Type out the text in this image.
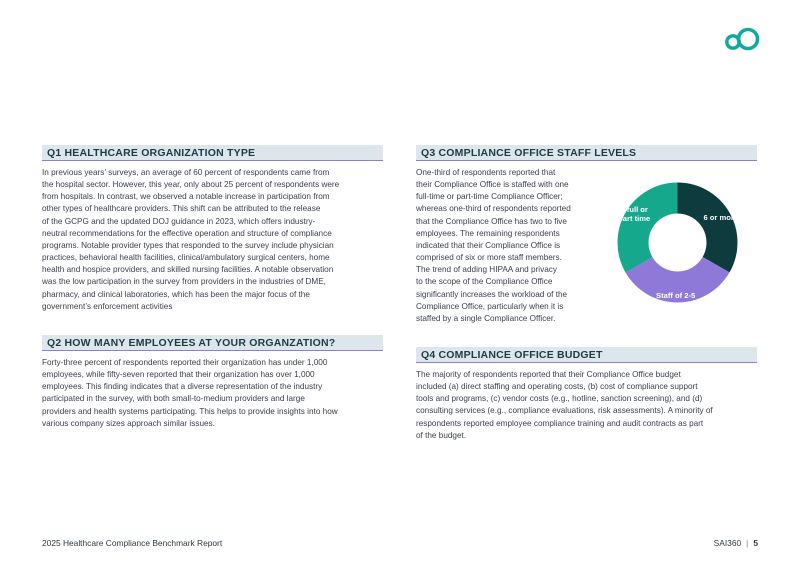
Q1 HEALTHCARE ORGANIZATION TYPE

In previous years’ surveys, an average of 60 percent of respondents came from
the hospital sector. However, this year, only about 25 percent of respondents were
from hospitals. In contrast, we observed a notable increase in participation from
other types of healthcare providers. This shift can be attributed to the release
of the GCPG and the updated DOJ guidance in 2023, which offers industry-
neutral recommendations for the effective operation and structure of compliance
programs. Notable provider types that responded to the survey include physician
practices, behavioral health facilities, clinical/ambulatory surgical centers, home
health and hospice providers, and skilled nursing facilities. A notable observation
was the low participation in the survey from providers in the industries of DME,
pharmacy, and clinical laboratories, which has been the major focus of the
government’s enforcement activities

Q2 HOW MANY EMPLOYEES AT YOUR ORGANZATION?

Forty-three percent of respondents reported their organization has under 1,000
employees, while fifty-seven reported that their organization has over 1,000
employees. This finding indicates that a diverse representation of the industry
participated in the survey, with both small-to-medium providers and large
providers and health systems participating. This helps to provide insights into how
various company sizes approach similar issues.

Q3 COMPLIANCE OFFICE STAFF LEVELS

One-third of respondents reported that
their Compliance Office is staffed with one
full-time or part-time Compliance Officer;
whereas one-third of respondents reported
that the Compliance Office has two to five
employees. The remaining respondents
indicated that their Compliance Office is
comprised of six or more staff members.
The trend of adding HIPAA and privacy
to the scope of the Compliance Office
significantly increases the workload of the
Compliance Office, particularly when it is
staffed by a single Compliance Officer.

6 or more
Staff of 2-5
1 full or part time
Q4 COMPLIANCE OFFICE BUDGET

The majority of respondents reported that their Compliance Office budget
included (a) direct staffing and operating costs, (b) cost of compliance support
tools and programs, (c) vendor costs (e.g., hotline, sanction screening), and (d)
consulting services (e.g., compliance evaluations, risk assessments). A minority of
respondents reported employee compliance training and audit contracts as part
of the budget.

2025 Healthcare Compliance Benchmark Report	SAI360 | 5
